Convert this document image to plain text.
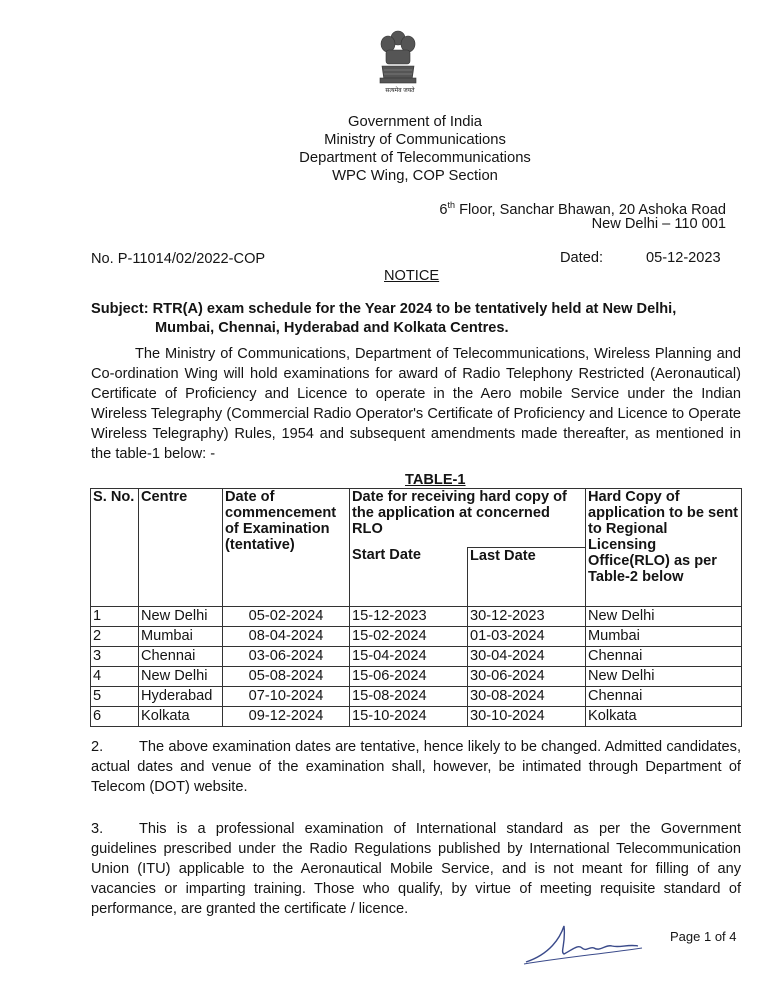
सत्यमेव जयते
Government of India
Ministry of Communications
Department of Telecommunications
WPC Wing, COP Section
6th Floor, Sanchar Bhawan, 20 Ashoka Road
New Delhi – 110 001
No. P-11014/02/2022-COP	Dated:	05-12-2023
NOTICE
Subject: RTR(A) exam schedule for the Year 2024 to be tentatively held at New Delhi,
Mumbai, Chennai, Hyderabad and Kolkata Centres.

The Ministry of Communications, Department of Telecommunications, Wireless Planning and Co-ordination Wing will hold examinations for award of Radio Telephony Restricted (Aeronautical) Certificate of Proficiency and Licence to operate in the Aero mobile Service under the Indian Wireless Telegraphy (Commercial Radio Operator's Certificate of Proficiency and Licence to Operate Wireless Telegraphy) Rules, 1954 and subsequent amendments made thereafter, as mentioned in the table-1 below: -

TABLE-1
S. No.	Centre	Date of commencement of Examination (tentative)	Date for receiving hard copy of the application at concerned RLO		Hard Copy of application to be sent to Regional Licensing Office(RLO) as per Table-2 below
			Start Date	Last Date	
1	New Delhi	05-02-2024	15-12-2023	30-12-2023	New Delhi
2	Mumbai	08-04-2024	15-02-2024	01-03-2024	Mumbai
3	Chennai	03-06-2024	15-04-2024	30-04-2024	Chennai
4	New Delhi	05-08-2024	15-06-2024	30-06-2024	New Delhi
5	Hyderabad	07-10-2024	15-08-2024	30-08-2024	Chennai
6	Kolkata	09-12-2024	15-10-2024	30-10-2024	Kolkata

2. The above examination dates are tentative, hence likely to be changed. Admitted candidates, actual dates and venue of the examination shall, however, be intimated through Department of Telecom (DOT) website.

3. This is a professional examination of International standard as per the Government guidelines prescribed under the Radio Regulations published by International Telecommunication Union (ITU) applicable to the Aeronautical Mobile Service, and is not meant for filling of any vacancies or imparting training. Those who qualify, by virtue of meeting requisite standard of performance, are granted the certificate / licence.

Page 1 of 4
